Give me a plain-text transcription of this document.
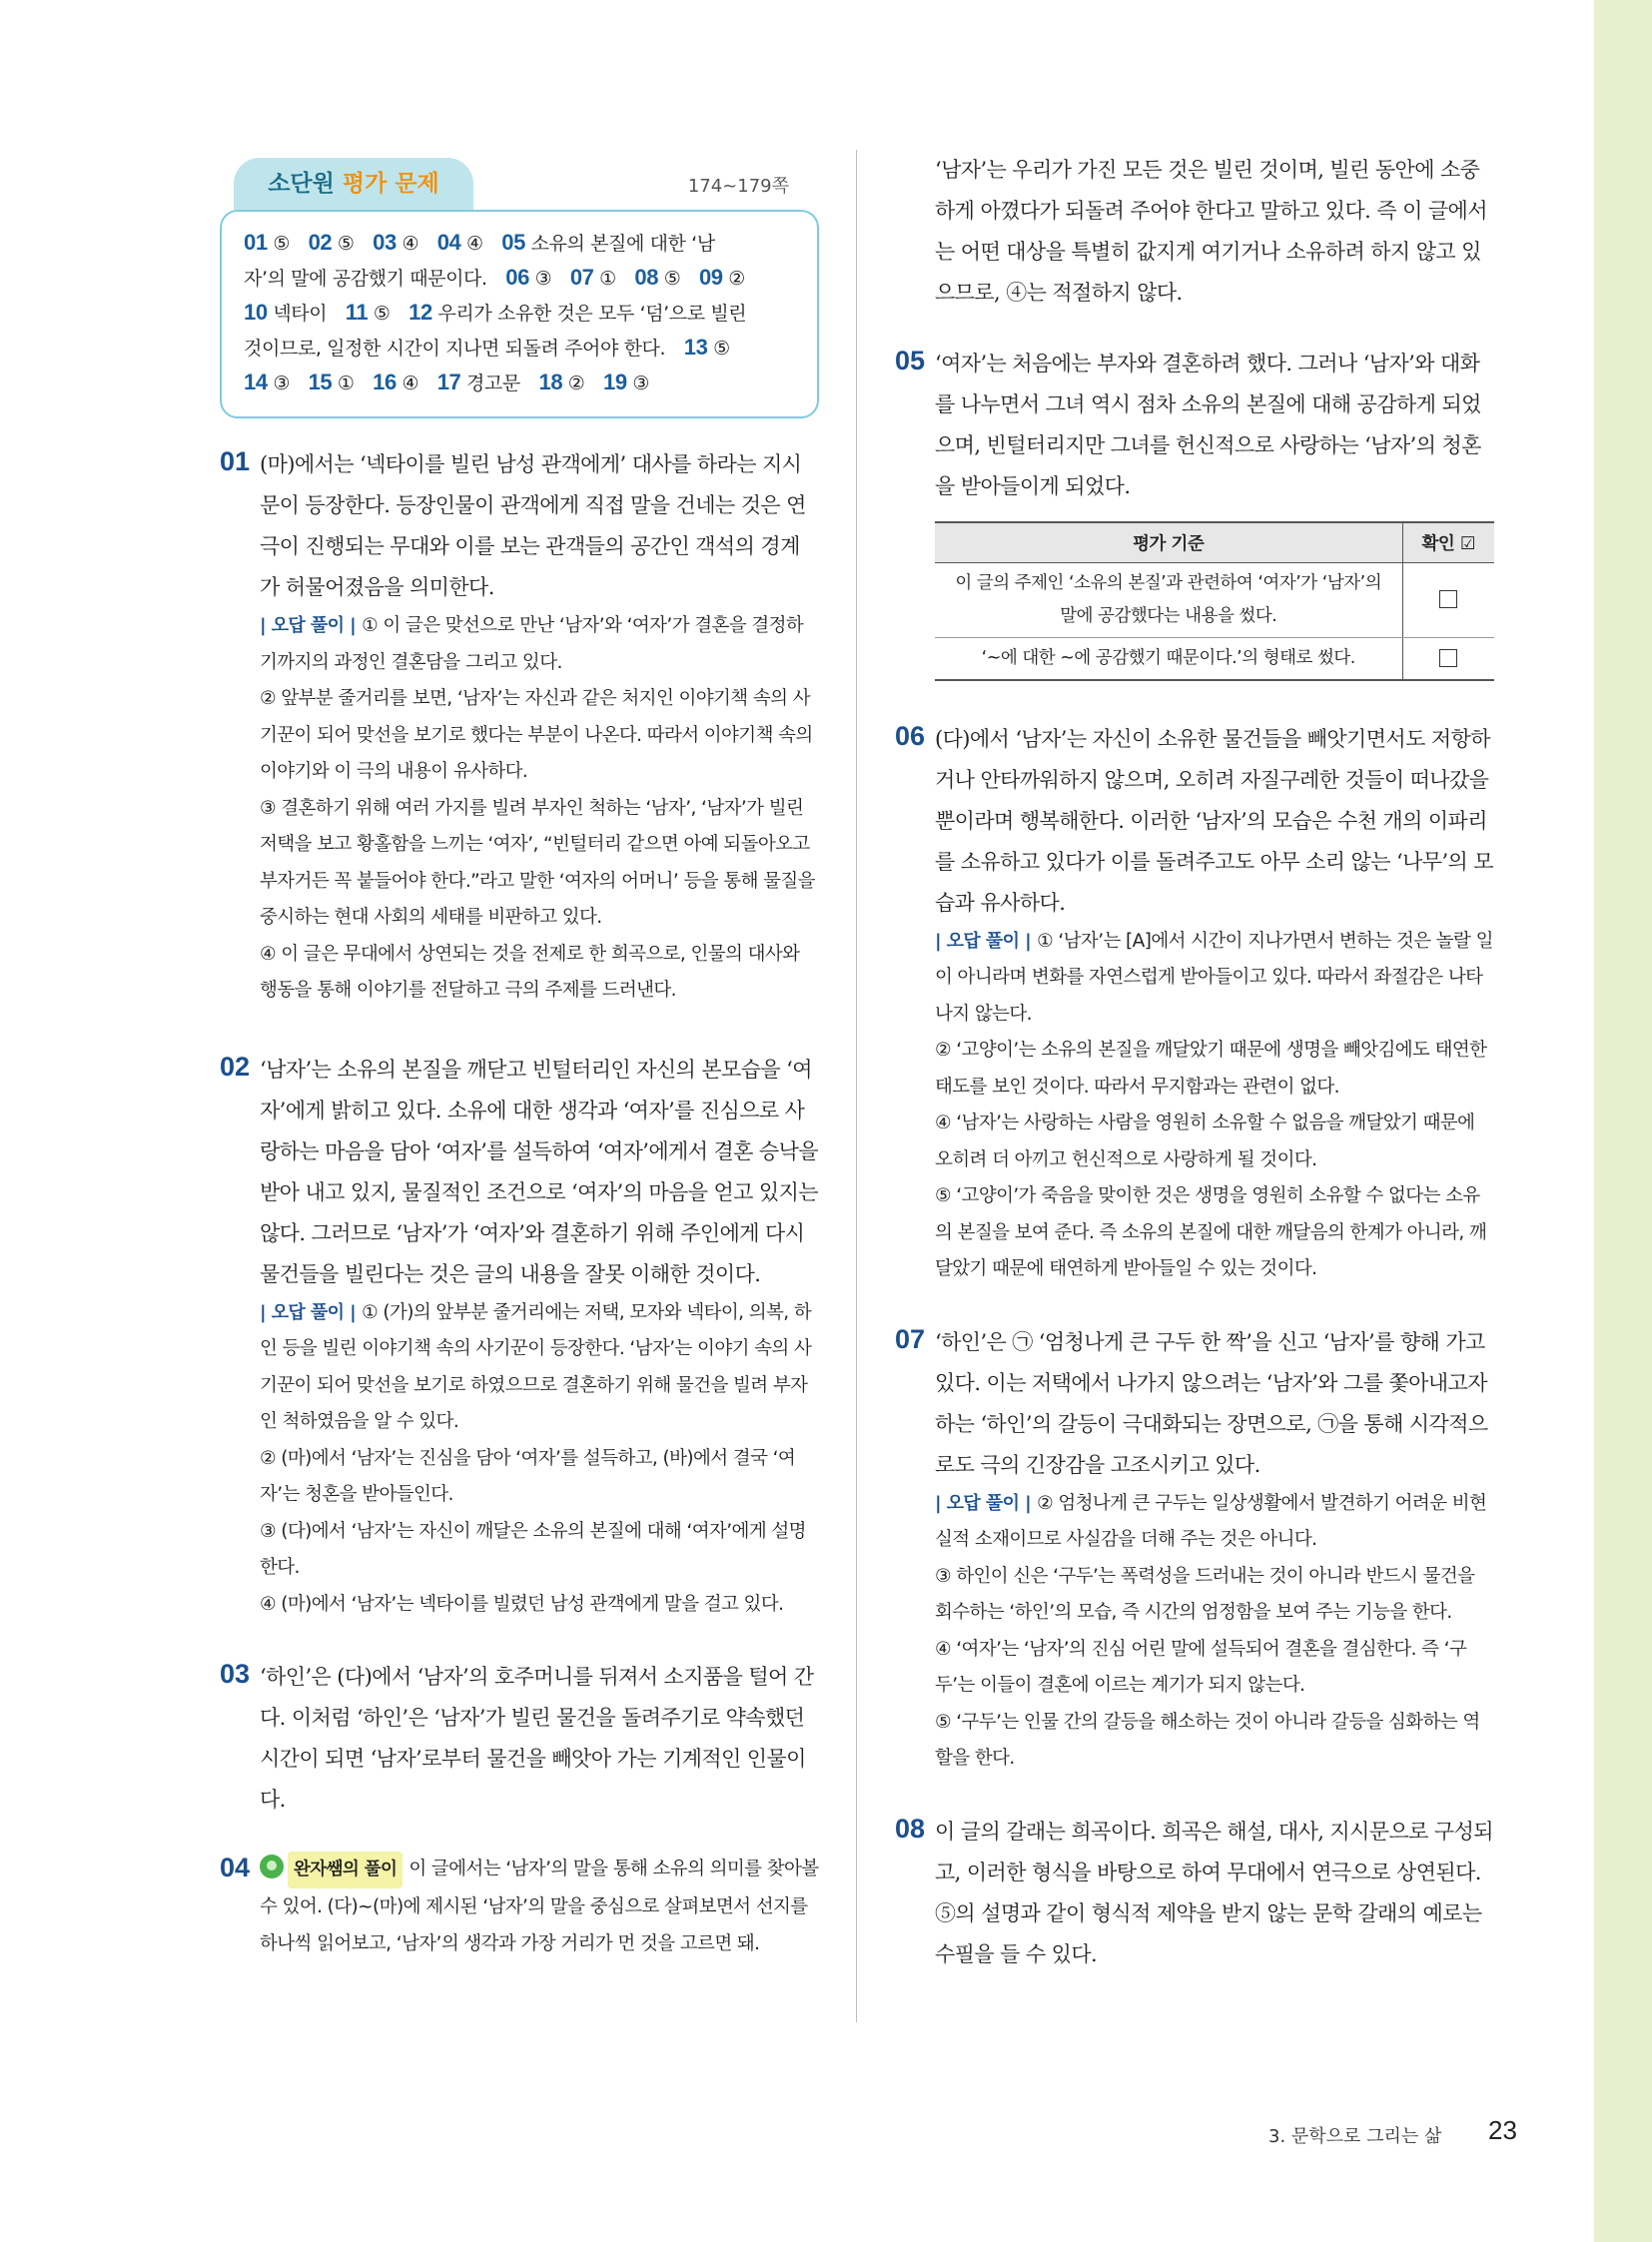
소단원 평가 문제	174~179쪽
01 ⑤  02 ⑤  03 ④  04 ④  05 소유의 본질에 대한 ‘남 
자’의 말에 공감했기 때문이다.  06 ③  07 ①  08 ⑤  09 ② 
10 넥타이  11 ⑤  12 우리가 소유한 것은 모두 ‘덤’으로 빌린 
것이므로, 일정한 시간이 지나면 되돌려 주어야 한다.  13 ⑤ 
14 ③  15 ①  16 ④  17 경고문  18 ②  19 ③ 
01 (마)에서는 ‘넥타이를 빌린 남성 관객에게’ 대사를 하라는 지시문이 등장한다. 등장인물이 관객에게 직접 말을 건네는 것은 연극이 진행되는 무대와 이를 보는 관객들의 공간인 객석의 경계가 허물어졌음을 의미한다.

| 오답 풀이 | ① 이 글은 맞선으로 만난 ‘남자’와 ‘여자’가 결혼을 결정하기까지의 과정인 결혼담을 그리고 있다.

② 앞부분 줄거리를 보면, ‘남자’는 자신과 같은 처지인 이야기책 속의 사기꾼이 되어 맞선을 보기로 했다는 부분이 나온다. 따라서 이야기책 속의 이야기와 이 극의 내용이 유사하다.

③ 결혼하기 위해 여러 가지를 빌려 부자인 척하는 ‘남자’, ‘남자’가 빌린 저택을 보고 황홀함을 느끼는 ‘여자’, “빈털터리 같으면 아예 되돌아오고 부자거든 꼭 붙들어야 한다.”라고 말한 ‘여자의 어머니’ 등을 통해 물질을 중시하는 현대 사회의 세태를 비판하고 있다.

④ 이 글은 무대에서 상연되는 것을 전제로 한 희곡으로, 인물의 대사와 행동을 통해 이야기를 전달하고 극의 주제를 드러낸다.

02 ‘남자’는 소유의 본질을 깨닫고 빈털터리인 자신의 본모습을 ‘여자’에게 밝히고 있다. 소유에 대한 생각과 ‘여자’를 진심으로 사랑하는 마음을 담아 ‘여자’를 설득하여 ‘여자’에게서 결혼 승낙을 받아 내고 있지, 물질적인 조건으로 ‘여자’의 마음을 얻고 있지는 않다. 그러므로 ‘남자’가 ‘여자’와 결혼하기 위해 주인에게 다시 물건들을 빌린다는 것은 글의 내용을 잘못 이해한 것이다.

| 오답 풀이 | ① (가)의 앞부분 줄거리에는 저택, 모자와 넥타이, 의복, 하인 등을 빌린 이야기책 속의 사기꾼이 등장한다. ‘남자’는 이야기 속의 사기꾼이 되어 맞선을 보기로 하였으므로 결혼하기 위해 물건을 빌려 부자인 척하였음을 알 수 있다.

② (마)에서 ‘남자’는 진심을 담아 ‘여자’를 설득하고, (바)에서 결국 ‘여자’는 청혼을 받아들인다.

③ (다)에서 ‘남자’는 자신이 깨달은 소유의 본질에 대해 ‘여자’에게 설명한다.

④ (마)에서 ‘남자’는 넥타이를 빌렸던 남성 관객에게 말을 걸고 있다.

03 ‘하인’은 (다)에서 ‘남자’의 호주머니를 뒤져서 소지품을 털어 간다. 이처럼 ‘하인’은 ‘남자’가 빌린 물건을 돌려주기로 약속했던 시간이 되면 ‘남자’로부터 물건을 빼앗아 가는 기계적인 인물이다.

04	완자쌤의 풀이 이 글에서는 ‘남자’의 말을 통해 소유의 의미를 찾아볼 수 있어. (다)~(마)에 제시된 ‘남자’의 말을 중심으로 살펴보면서 선지를 하나씩 읽어보고, ‘남자’의 생각과 가장 거리가 먼 것을 고르면 돼.

‘남자’는 우리가 가진 모든 것은 빌린 것이며, 빌린 동안에 소중하게 아꼈다가 되돌려 주어야 한다고 말하고 있다. 즉 이 글에서는 어떤 대상을 특별히 값지게 여기거나 소유하려 하지 않고 있으므로, ④는 적절하지 않다.

05 ‘여자’는 처음에는 부자와 결혼하려 했다. 그러나 ‘남자’와 대화를 나누면서 그녀 역시 점차 소유의 본질에 대해 공감하게 되었으며, 빈털터리지만 그녀를 헌신적으로 사랑하는 ‘남자’의 청혼을 받아들이게 되었다.

평가 기준	확인 ☑
이 글의 주제인 ‘소유의 본질’과 관련하여 ‘여자’가 ‘남자’의 말에 공감했다는 내용을 썼다.	
‘~에 대한 ~에 공감했기 때문이다.’의 형태로 썼다.	
06 (다)에서 ‘남자’는 자신이 소유한 물건들을 빼앗기면서도 저항하거나 안타까워하지 않으며, 오히려 자질구레한 것들이 떠나갔을 뿐이라며 행복해한다. 이러한 ‘남자’의 모습은 수천 개의 이파리를 소유하고 있다가 이를 돌려주고도 아무 소리 않는 ‘나무’의 모습과 유사하다.

| 오답 풀이 | ① ‘남자’는 [A]에서 시간이 지나가면서 변하는 것은 놀랄 일이 아니라며 변화를 자연스럽게 받아들이고 있다. 따라서 좌절감은 나타나지 않는다.

② ‘고양이’는 소유의 본질을 깨달았기 때문에 생명을 빼앗김에도 태연한 태도를 보인 것이다. 따라서 무지함과는 관련이 없다.

④ ‘남자’는 사랑하는 사람을 영원히 소유할 수 없음을 깨달았기 때문에 오히려 더 아끼고 헌신적으로 사랑하게 될 것이다.

⑤ ‘고양이’가 죽음을 맞이한 것은 생명을 영원히 소유할 수 없다는 소유의 본질을 보여 준다. 즉 소유의 본질에 대한 깨달음의 한계가 아니라, 깨달았기 때문에 태연하게 받아들일 수 있는 것이다.

07 ‘하인’은 ㉠ ‘엄청나게 큰 구두 한 짝’을 신고 ‘남자’를 향해 가고 있다. 이는 저택에서 나가지 않으려는 ‘남자’와 그를 쫓아내고자 하는 ‘하인’의 갈등이 극대화되는 장면으로, ㉠을 통해 시각적으로도 극의 긴장감을 고조시키고 있다.

| 오답 풀이 | ② 엄청나게 큰 구두는 일상생활에서 발견하기 어려운 비현실적 소재이므로 사실감을 더해 주는 것은 아니다.

③ 하인이 신은 ‘구두’는 폭력성을 드러내는 것이 아니라 반드시 물건을 회수하는 ‘하인’의 모습, 즉 시간의 엄정함을 보여 주는 기능을 한다.

④ ‘여자’는 ‘남자’의 진심 어린 말에 설득되어 결혼을 결심한다. 즉 ‘구두’는 이들이 결혼에 이르는 계기가 되지 않는다.

⑤ ‘구두’는 인물 간의 갈등을 해소하는 것이 아니라 갈등을 심화하는 역할을 한다.

08 이 글의 갈래는 희곡이다. 희곡은 해설, 대사, 지시문으로 구성되고, 이러한 형식을 바탕으로 하여 무대에서 연극으로 상연된다. ⑤의 설명과 같이 형식적 제약을 받지 않는 문학 갈래의 예로는 수필을 들 수 있다.

3. 문학으로 그리는 삶 23
